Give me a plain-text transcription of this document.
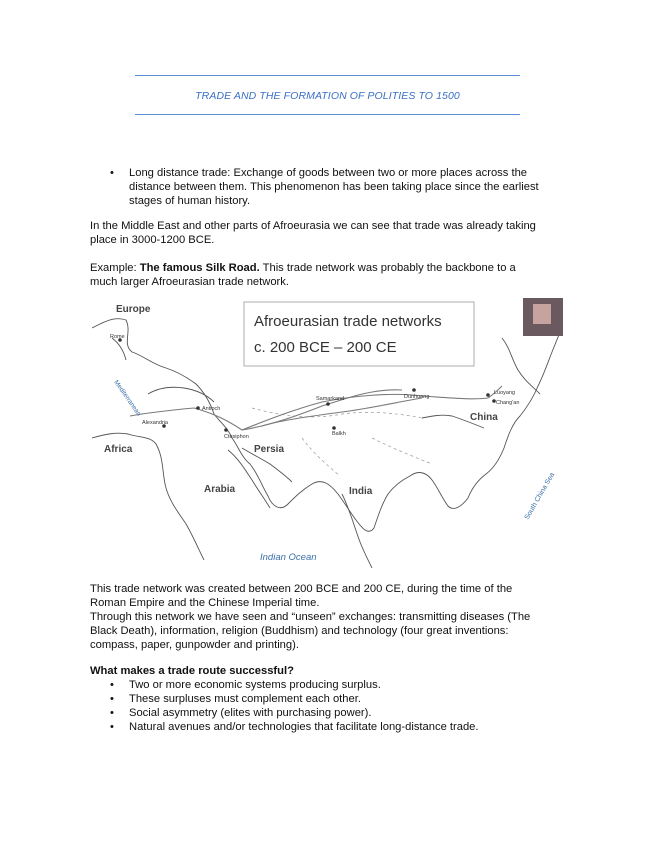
TRADE AND THE FORMATION OF POLITIES TO 1500
• Long distance trade: Exchange of goods between two or more places across the
distance between them. This phenomenon has been taking place since the earliest
stages of human history.
In the Middle East and other parts of Afroeurasia we can see that trade was already taking
place in 3000-1200 BCE.
Example: The famous Silk Road. This trade network was probably the backbone to a
much larger Afroeurasian trade network.
Afroeurasian trade networks
c. 200 BCE – 200 CE
Europe
Africa	Persia
Arabia	India
China
Indian Ocean
South China Sea
Mediterranean
Rome
Antioch
Alexandria
Ctesiphon
Samarkand
Balkh
Dunhuang
Luoyang
Chang'an
This trade network was created between 200 BCE and 200 CE, during the time of the
Roman Empire and the Chinese Imperial time.
Through this network we have seen and “unseen” exchanges: transmitting diseases (The
Black Death), information, religion (Buddhism) and technology (four great inventions:
compass, paper, gunpowder and printing).
What makes a trade route successful?
• Two or more economic systems producing surplus.
• These surpluses must complement each other.
• Social asymmetry (elites with purchasing power).
• Natural avenues and/or technologies that facilitate long-distance trade.
